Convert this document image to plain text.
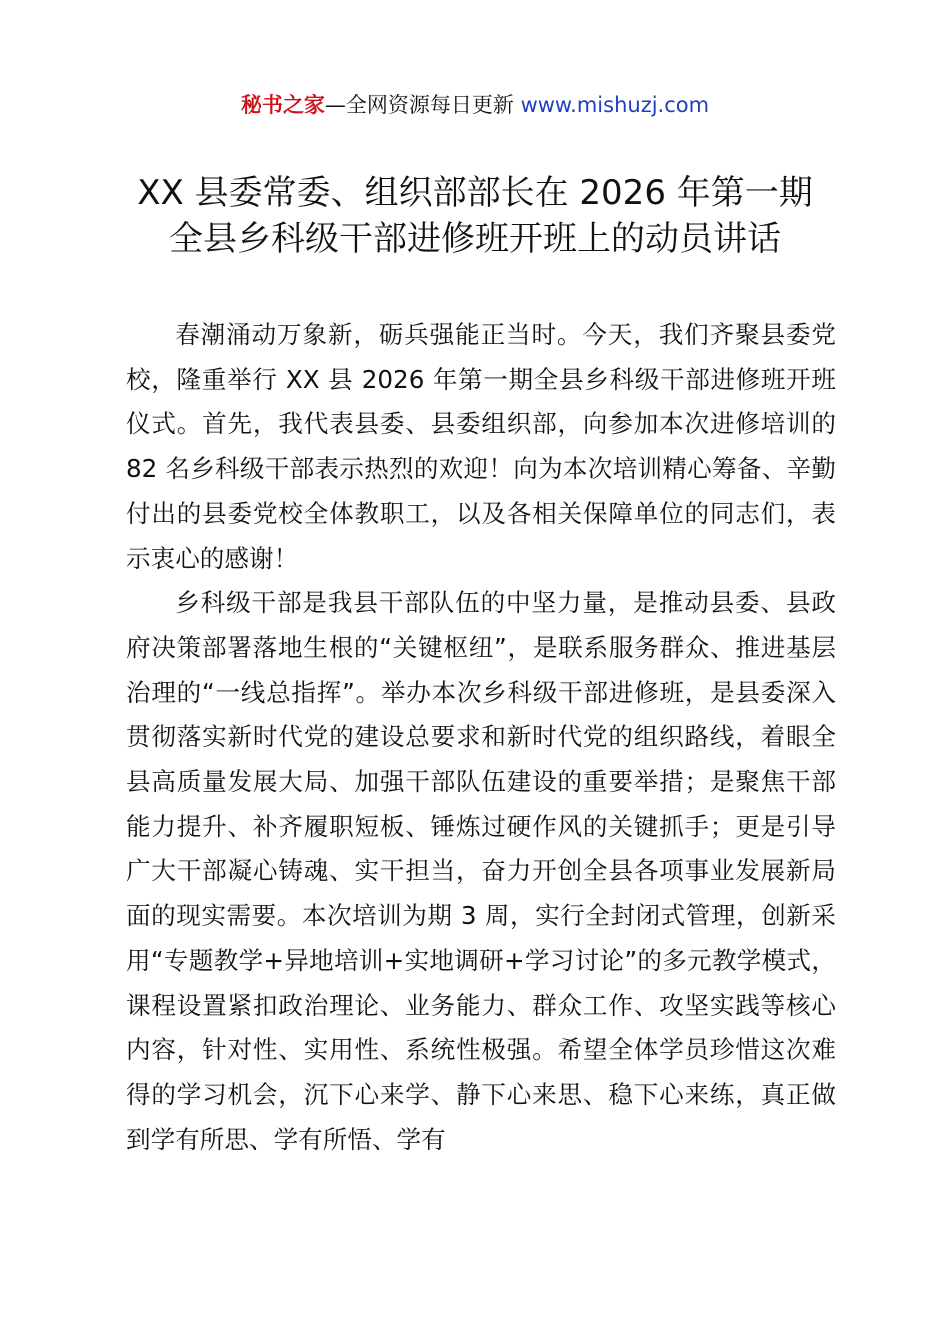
秘书之家—全网资源每日更新 www.mishuzj.com
XX 县委常委、组织部部长在 2026 年第一期
全县乡科级干部进修班开班上的动员讲话

春潮涌动万象新，砺兵强能正当时。今天，我们齐聚县委党校，隆重举行 XX 县 2026 年第一期全县乡科级干部进修班开班仪式。首先，我代表县委、县委组织部，向参加本次进修培训的 82 名乡科级干部表示热烈的欢迎！向为本次培训精心筹备、辛勤付出的县委党校全体教职工，以及各相关保障单位的同志们，表示衷心的感谢！

乡科级干部是我县干部队伍的中坚力量，是推动县委、县政府决策部署落地生根的“关键枢纽”，是联系服务群众、推进基层治理的“一线总指挥”。举办本次乡科级干部进修班，是县委深入贯彻落实新时代党的建设总要求和新时代党的组织路线，着眼全县高质量发展大局、加强干部队伍建设的重要举措；是聚焦干部能力提升、补齐履职短板、锤炼过硬作风的关键抓手；更是引导广大干部凝心铸魂、实干担当，奋力开创全县各项事业发展新局面的现实需要。本次培训为期 3 周，实行全封闭式管理，创新采用“专题教学+异地培训+实地调研+学习讨论”的多元教学模式，课程设置紧扣政治理论、业务能力、群众工作、攻坚实践等核心内容，针对性、实用性、系统性极强。希望全体学员珍惜这次难得的学习机会，沉下心来学、静下心来思、稳下心来练，真正做到学有所思、学有所悟、学有
